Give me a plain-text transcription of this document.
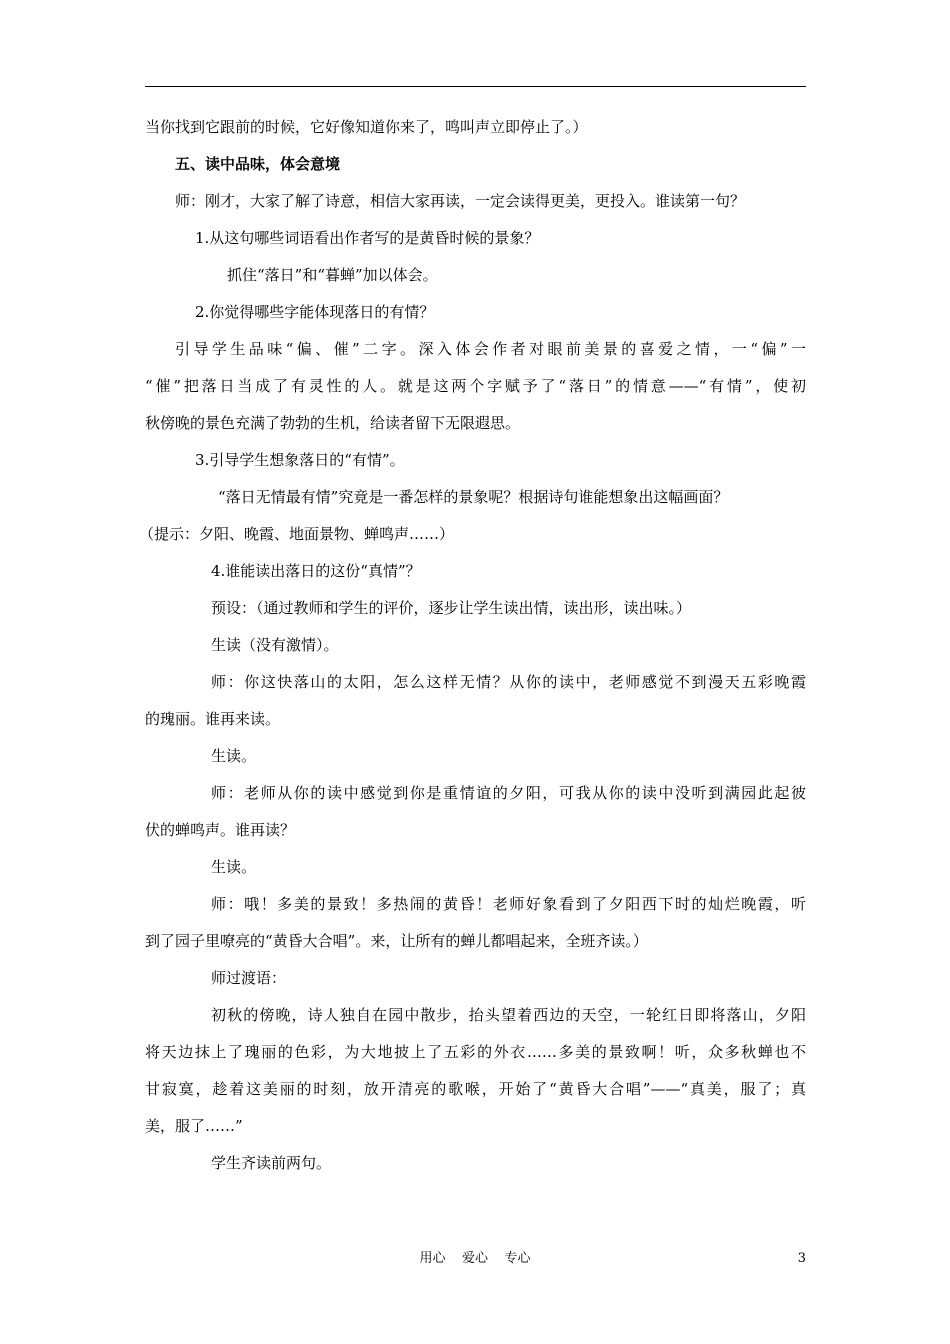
当你找到它跟前的时候，它好像知道你来了，鸣叫声立即停止了。）
五、读中品味，体会意境
师：刚才，大家了解了诗意，相信大家再读，一定会读得更美，更投入。谁读第一句？
1.从这句哪些词语看出作者写的是黄昏时候的景象？
抓住“落日”和“暮蝉”加以体会。
2.你觉得哪些字能体现落日的有情？
引导学生品味“偏、催”二字。深入体会作者对眼前美景的喜爱之情，一“偏”一
“催”把落日当成了有灵性的人。就是这两个字赋予了“落日”的情意——“有情”，使初
秋傍晚的景色充满了勃勃的生机，给读者留下无限遐思。
3.引导学生想象落日的“有情”。
“落日无情最有情”究竟是一番怎样的景象呢？根据诗句谁能想象出这幅画面？
（提示：夕阳、晚霞、地面景物、蝉鸣声……）
4.谁能读出落日的这份“真情”？
预设：（通过教师和学生的评价，逐步让学生读出情，读出形，读出味。）
生读（没有激情）。
师：你这快落山的太阳，怎么这样无情？从你的读中，老师感觉不到漫天五彩晚霞
的瑰丽。谁再来读。
生读。
师：老师从你的读中感觉到你是重情谊的夕阳，可我从你的读中没听到满园此起彼
伏的蝉鸣声。谁再读？
生读。
师：哦！多美的景致！多热闹的黄昏！老师好象看到了夕阳西下时的灿烂晚霞，听
到了园子里嘹亮的“黄昏大合唱”。来，让所有的蝉儿都唱起来，全班齐读。）
师过渡语：
初秋的傍晚，诗人独自在园中散步，抬头望着西边的天空，一轮红日即将落山，夕阳
将天边抹上了瑰丽的色彩，为大地披上了五彩的外衣……多美的景致啊！听，众多秋蝉也不
甘寂寞，趁着这美丽的时刻，放开清亮的歌喉，开始了“黄昏大合唱”——“真美，服了；真
美，服了……”
学生齐读前两句。
用心    爱心    专心	3
